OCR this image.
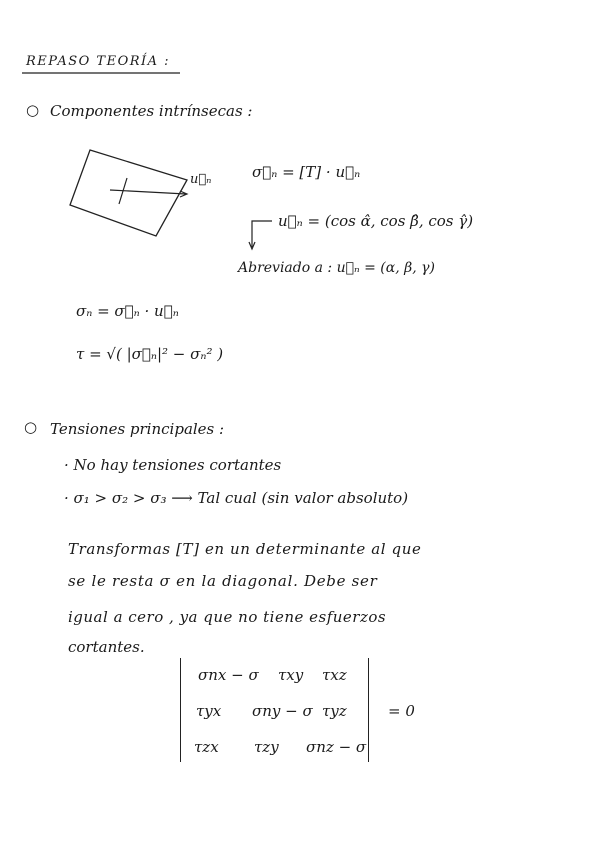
REPASO TEORÍA :
○ Componentes intrínsecas :
u⃗ₙ	σ⃗ₙ = [T] · u⃗ₙ
u⃗ₙ = (cos α̂, cos β̂, cos γ̂)
Abreviado a : u⃗ₙ = (α, β, γ)
σₙ = σ⃗ₙ · u⃗ₙ
τ = √( |σ⃗ₙ|² − σₙ² )
○ Tensiones principales :
· No hay tensiones cortantes
· σ₁ > σ₂ > σ₃ ⟶ Tal cual (sin valor absoluto)
Transformas [T] en un determinante al que
se le resta σ en la diagonal. Debe ser
igual a cero , ya que no tiene esfuerzos
cortantes.
σnx − σ τxy τxz
τyx σny − σ τyz
τzx τzy σnz − σ
= 0
